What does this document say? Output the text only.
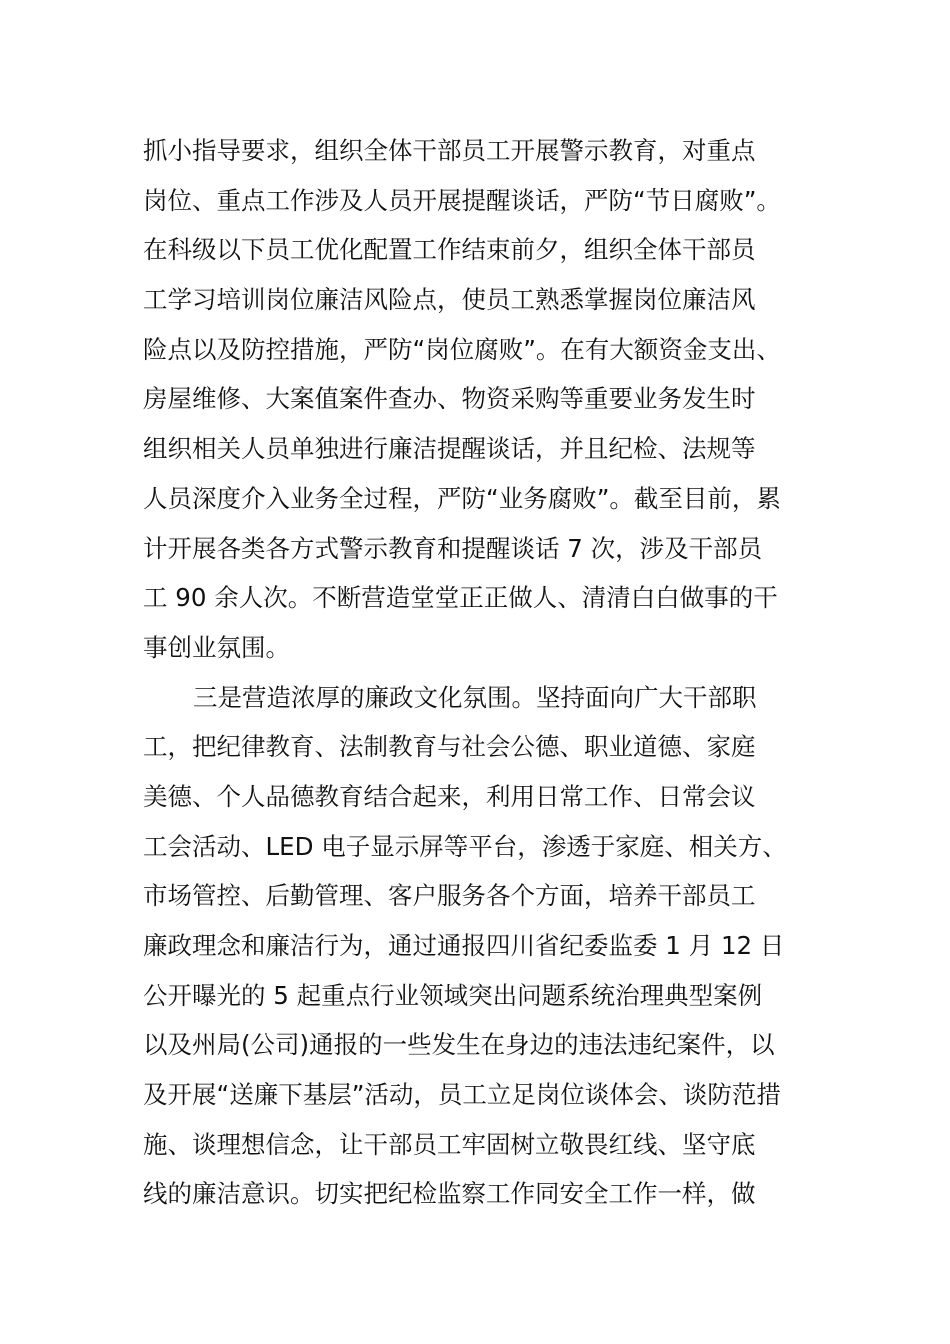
抓小指导要求，组织全体干部员工开展警示教育，对重点
岗位、重点工作涉及人员开展提醒谈话，严防“节日腐败”。
在科级以下员工优化配置工作结束前夕，组织全体干部员
工学习培训岗位廉洁风险点，使员工熟悉掌握岗位廉洁风
险点以及防控措施，严防“岗位腐败”。在有大额资金支出、
房屋维修、大案值案件查办、物资采购等重要业务发生时
组织相关人员单独进行廉洁提醒谈话，并且纪检、法规等
人员深度介入业务全过程，严防“业务腐败”。截至目前，累
计开展各类各方式警示教育和提醒谈话 7 次，涉及干部员
工 90 余人次。不断营造堂堂正正做人、清清白白做事的干
事创业氛围。
三是营造浓厚的廉政文化氛围。坚持面向广大干部职
工，把纪律教育、法制教育与社会公德、职业道德、家庭
美德、个人品德教育结合起来，利用日常工作、日常会议
工会活动、LED 电子显示屏等平台，渗透于家庭、相关方、
市场管控、后勤管理、客户服务各个方面，培养干部员工
廉政理念和廉洁行为，通过通报四川省纪委监委 1 月 12 日
公开曝光的 5 起重点行业领域突出问题系统治理典型案例
以及州局(公司)通报的一些发生在身边的违法违纪案件，以
及开展“送廉下基层”活动，员工立足岗位谈体会、谈防范措
施、谈理想信念，让干部员工牢固树立敬畏红线、坚守底
线的廉洁意识。切实把纪检监察工作同安全工作一样，做
